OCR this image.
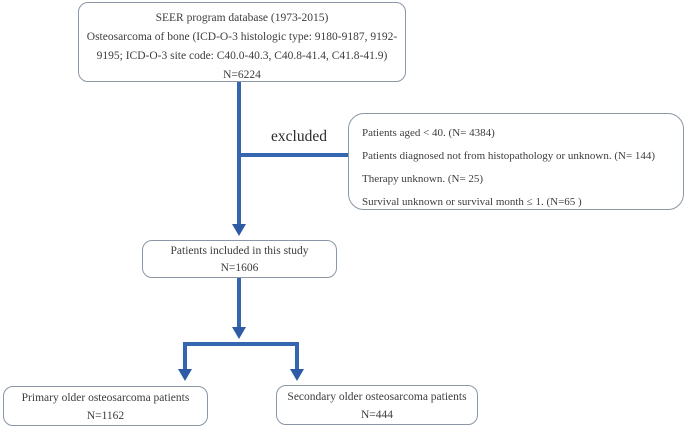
SEER program database (1973-2015)
Osteosarcoma of bone (ICD-O-3 histologic type: 9180-9187, 9192-
9195; ICD-O-3 site code: C40.0-40.3, C40.8-41.4, C41.8-41.9)
N=6224
excluded	Patients aged < 40. (N= 4384)
Patients diagnosed not from histopathology or unknown. (N= 144)
Therapy unknown. (N= 25)
Survival unknown or survival month ≤ 1. (N=65 )
Patients included in this study
N=1606
Primary older osteosarcoma patients
N=1162
Secondary older osteosarcoma patients
N=444
